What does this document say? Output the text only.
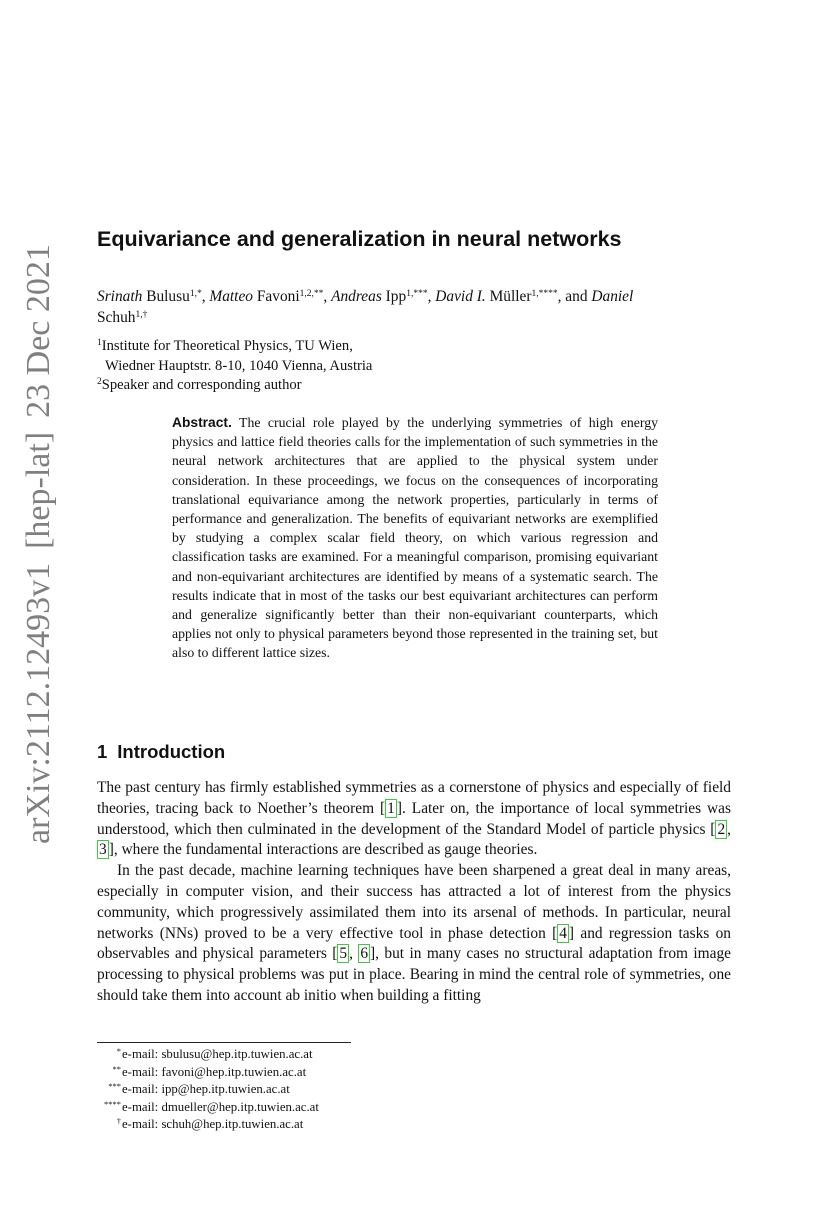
arXiv:2112.12493v1[hep-lat]23 Dec 2021
Equivariance and generalization in neural networks
Srinath Bulusu$^{1,*}$, Matteo Favoni$^{1,2,**}$, Andreas Ipp$^{1,***}$, David I. Müller$^{1,****}$, and Daniel
Schuh$^{1,\dagger}$
$^1$Institute for Theoretical Physics, TU Wien,
Wiedner Hauptstr. 8-10, 1040 Vienna, Austria
$^2$Speaker and corresponding author
Abstract. The crucial role played by the underlying symmetries of high energy physics and lattice field theories calls for the implementation of such symmetries in the neural network architectures that are applied to the physical system under consideration. In these proceedings, we focus on the consequences of incorporating translational equivariance among the network properties, particularly in terms of performance and generalization. The benefits of equivariant networks are exemplified by studying a complex scalar field theory, on which various regression and classification tasks are examined. For a meaningful comparison, promising equivariant and non-equivariant architectures are identified by means of a systematic search. The results indicate that in most of the tasks our best equivariant architectures can perform and generalize significantly better than their non-equivariant counterparts, which applies not only to physical parameters beyond those represented in the training set, but also to different lattice sizes.
1 Introduction

The past century has firmly established symmetries as a cornerstone of physics and especially of field theories, tracing back to Noether’s theorem [ 1 ]. Later on, the importance of local symmetries was understood, which then culminated in the development of the Standard Model of particle physics [ 2 , 3 ], where the fundamental interactions are described as gauge theories.

In the past decade, machine learning techniques have been sharpened a great deal in many areas, especially in computer vision, and their success has attracted a lot of interest from the physics community, which progressively assimilated them into its arsenal of methods. In particular, neural networks (NNs) proved to be a very effective tool in phase detection [ 4 ] and regression tasks on observables and physical parameters [ 5 , 6 ], but in many cases no structural adaptation from image processing to physical problems was put in place. Bearing in mind the central role of symmetries, one should take them into account ab initio when building a fitting

* e-mail: sbulusu@hep.itp.tuwien.ac.at
** e-mail: favoni@hep.itp.tuwien.ac.at
*** e-mail: ipp@hep.itp.tuwien.ac.at
**** e-mail: dmueller@hep.itp.tuwien.ac.at
† e-mail: schuh@hep.itp.tuwien.ac.at
